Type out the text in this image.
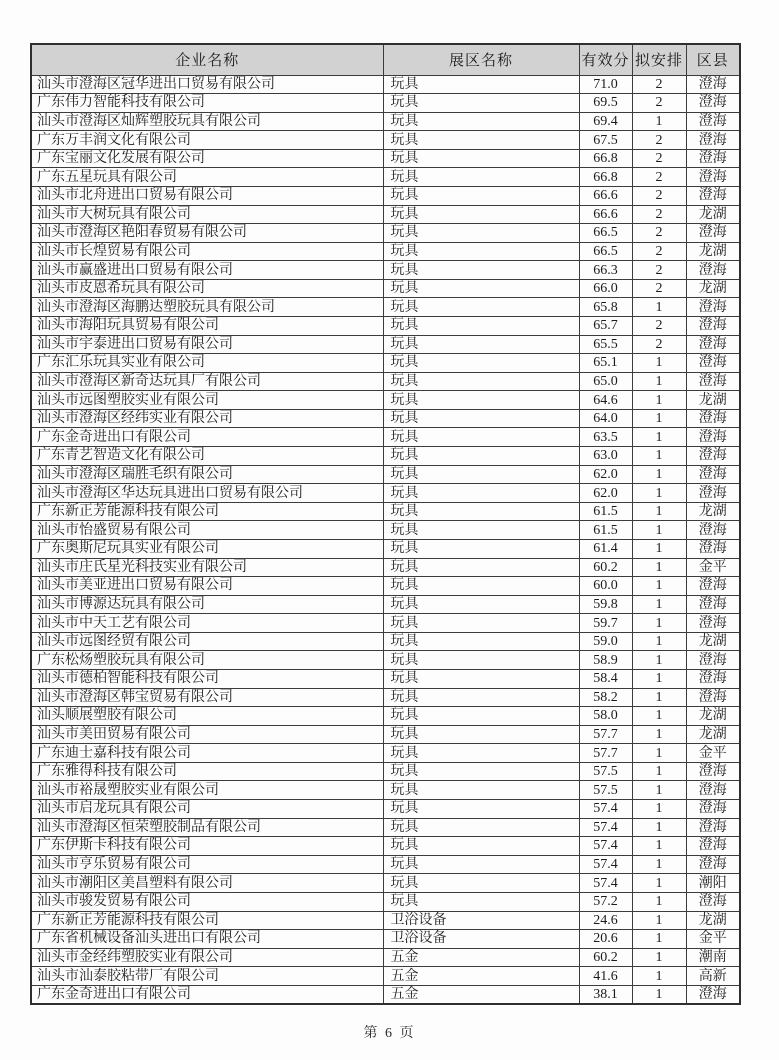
企业名称	展区名称	有效分	拟安排	区县
汕头市澄海区冠华进出口贸易有限公司	玩具	71.0	2	澄海
广东伟力智能科技有限公司	玩具	69.5	2	澄海
汕头市澄海区灿辉塑胶玩具有限公司	玩具	69.4	1	澄海
广东万丰润文化有限公司	玩具	67.5	2	澄海
广东宝丽文化发展有限公司	玩具	66.8	2	澄海
广东五星玩具有限公司	玩具	66.8	2	澄海
汕头市北舟进出口贸易有限公司	玩具	66.6	2	澄海
汕头市大树玩具有限公司	玩具	66.6	2	龙湖
汕头市澄海区艳阳春贸易有限公司	玩具	66.5	2	澄海
汕头市长煌贸易有限公司	玩具	66.5	2	龙湖
汕头市赢盛进出口贸易有限公司	玩具	66.3	2	澄海
汕头市皮恩希玩具有限公司	玩具	66.0	2	龙湖
汕头市澄海区海鹏达塑胶玩具有限公司	玩具	65.8	1	澄海
汕头市海阳玩具贸易有限公司	玩具	65.7	2	澄海
汕头市宇泰进出口贸易有限公司	玩具	65.5	2	澄海
广东汇乐玩具实业有限公司	玩具	65.1	1	澄海
汕头市澄海区新奇达玩具厂有限公司	玩具	65.0	1	澄海
汕头市远图塑胶实业有限公司	玩具	64.6	1	龙湖
汕头市澄海区经纬实业有限公司	玩具	64.0	1	澄海
广东金奇进出口有限公司	玩具	63.5	1	澄海
广东青艺智造文化有限公司	玩具	63.0	1	澄海
汕头市澄海区瑞胜毛织有限公司	玩具	62.0	1	澄海
汕头市澄海区华达玩具进出口贸易有限公司	玩具	62.0	1	澄海
广东新正芳能源科技有限公司	玩具	61.5	1	龙湖
汕头市怡盛贸易有限公司	玩具	61.5	1	澄海
广东奥斯尼玩具实业有限公司	玩具	61.4	1	澄海
汕头市庄氏星光科技实业有限公司	玩具	60.2	1	金平
汕头市美亚进出口贸易有限公司	玩具	60.0	1	澄海
汕头市博源达玩具有限公司	玩具	59.8	1	澄海
汕头市中天工艺有限公司	玩具	59.7	1	澄海
汕头市远图经贸有限公司	玩具	59.0	1	龙湖
广东松炀塑胶玩具有限公司	玩具	58.9	1	澄海
汕头市德柏智能科技有限公司	玩具	58.4	1	澄海
汕头市澄海区韩宝贸易有限公司	玩具	58.2	1	澄海
汕头顺展塑胶有限公司	玩具	58.0	1	龙湖
汕头市美田贸易有限公司	玩具	57.7	1	龙湖
广东迪士嘉科技有限公司	玩具	57.7	1	金平
广东雅得科技有限公司	玩具	57.5	1	澄海
汕头市裕晟塑胶实业有限公司	玩具	57.5	1	澄海
汕头市启龙玩具有限公司	玩具	57.4	1	澄海
汕头市澄海区恒荣塑胶制品有限公司	玩具	57.4	1	澄海
广东伊斯卡科技有限公司	玩具	57.4	1	澄海
汕头市亨乐贸易有限公司	玩具	57.4	1	澄海
汕头市潮阳区美昌塑料有限公司	玩具	57.4	1	潮阳
汕头市骏发贸易有限公司	玩具	57.2	1	澄海
广东新正芳能源科技有限公司	卫浴设备	24.6	1	龙湖
广东省机械设备汕头进出口有限公司	卫浴设备	20.6	1	金平
汕头市金经纬塑胶实业有限公司	五金	60.2	1	潮南
汕头市汕泰胶粘带厂有限公司	五金	41.6	1	高新
广东金奇进出口有限公司	五金	38.1	1	澄海
第 6 页
